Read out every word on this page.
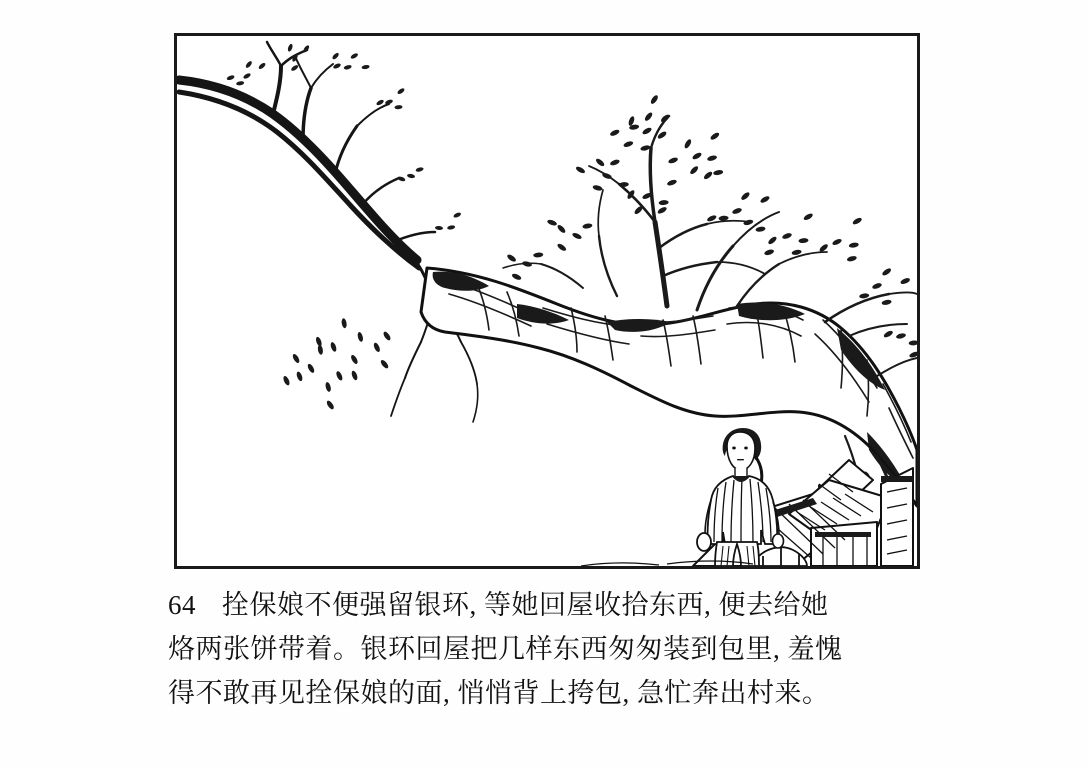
64 拴保娘不便强留银环, 等她回屋收拾东西, 便去给她
烙两张饼带着。银环回屋把几样东西匆匆装到包里, 羞愧
得不敢再见拴保娘的面, 悄悄背上挎包, 急忙奔出村来。
